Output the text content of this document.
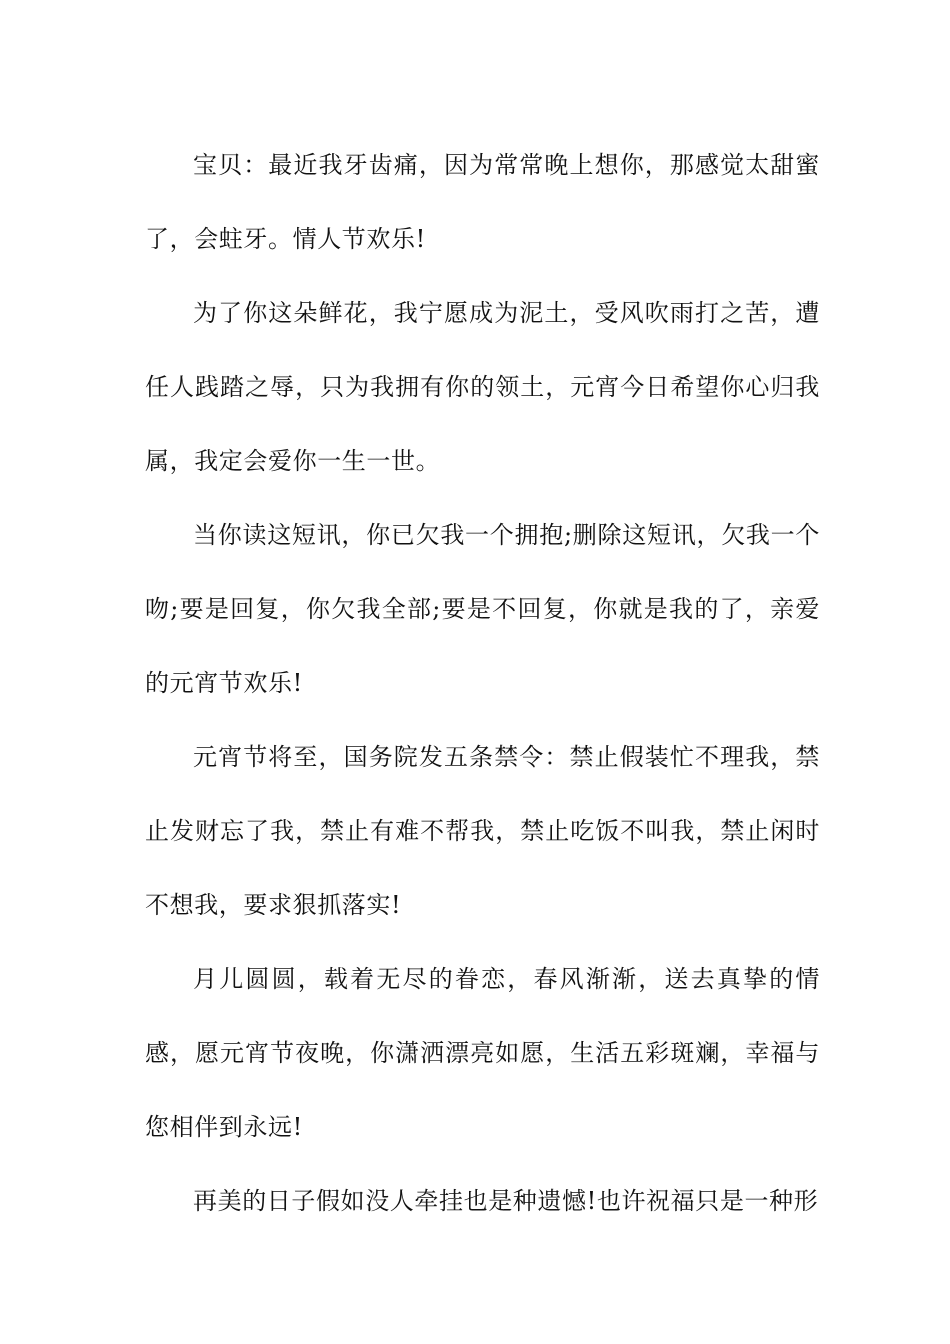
宝贝：最近我牙齿痛，因为常常晚上想你，那感觉太甜蜜了，会蛀牙。情人节欢乐!

为了你这朵鲜花，我宁愿成为泥土，受风吹雨打之苦，遭任人践踏之辱，只为我拥有你的领土，元宵今日希望你心归我属，我定会爱你一生一世。

当你读这短讯，你已欠我一个拥抱;删除这短讯，欠我一个吻;要是回复，你欠我全部;要是不回复，你就是我的了，亲爱的元宵节欢乐!

元宵节将至，国务院发五条禁令：禁止假装忙不理我，禁止发财忘了我，禁止有难不帮我，禁止吃饭不叫我，禁止闲时不想我，要求狠抓落实!

月儿圆圆，载着无尽的眷恋，春风渐渐，送去真挚的情感，愿元宵节夜晚，你潇洒漂亮如愿，生活五彩斑斓，幸福与您相伴到永远!

再美的日子假如没人牵挂也是种遗憾!也许祝福只是一种形
